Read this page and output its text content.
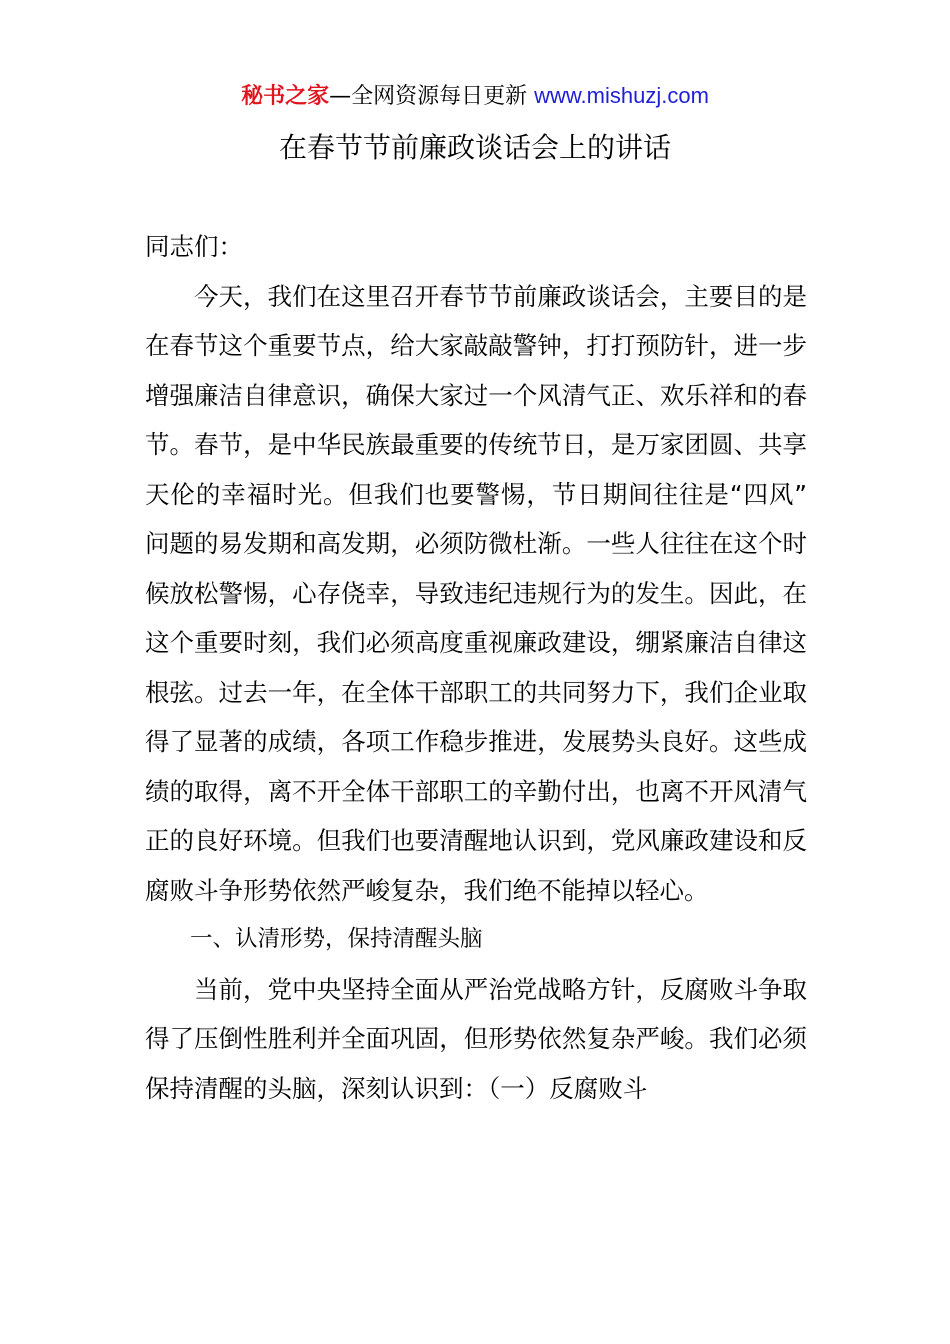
秘书之家—全网资源每日更新 www.mishuzj.com
在春节节前廉政谈话会上的讲话

同志们：

今天，我们在这里召开春节节前廉政谈话会，主要目的是在春节这个重要节点，给大家敲敲警钟，打打预防针，进一步增强廉洁自律意识，确保大家过一个风清气正、欢乐祥和的春节。春节，是中华民族最重要的传统节日，是万家团圆、共享天伦的幸福时光。但我们也要警惕，节日期间往往是“四风”问题的易发期和高发期，必须防微杜渐。一些人往往在这个时候放松警惕，心存侥幸，导致违纪违规行为的发生。因此，在这个重要时刻，我们必须高度重视廉政建设，绷紧廉洁自律这根弦。过去一年，在全体干部职工的共同努力下，我们企业取得了显著的成绩，各项工作稳步推进，发展势头良好。这些成绩的取得，离不开全体干部职工的辛勤付出，也离不开风清气正的良好环境。但我们也要清醒地认识到，党风廉政建设和反腐败斗争形势依然严峻复杂，我们绝不能掉以轻心。

一、认清形势，保持清醒头脑

当前，党中央坚持全面从严治党战略方针，反腐败斗争取得了压倒性胜利并全面巩固，但形势依然复杂严峻。我们必须保持清醒的头脑，深刻认识到：（一）反腐败斗
